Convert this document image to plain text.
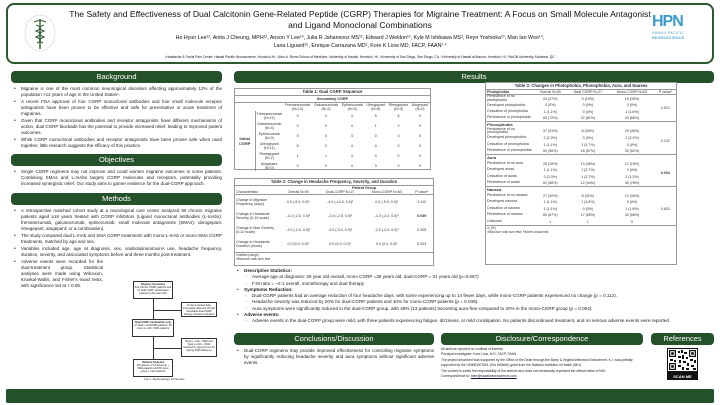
The Safety and Effectiveness of Dual Calcitonin Gene-Related Peptide (CGRP) Therapies for Migraine Treatment: A Focus on Small Molecule Antagonist and Ligand Monoclonal Combinations
Ho Hyun Lee¹², Anita J Cheung, MPH¹², Anson Y Lee¹³, Julia R Jahansooz MS¹², Edward J Weldon¹², Kyle M Ishikawa MS², Reyn Yoshioka¹³, Man Ian Woo¹⁴,
Lana Liguard¹⁵, Enrique Carrazana MD¹, Kore K Liow MD, FACP, FAAN¹ ²
¹Headache & Facial Pain Center, Hawaii Pacific Neuroscience, Honolulu HI, ²John A. Burns School of Medicine, University of Hawaii, Honolulu, HI, ³University of San Diego, San Diego, CA, ⁴University of Hawaii at Manoa, Honolulu, HI, ⁵McGill University, Montreal, QC
HPN
HAWAII PACIFIC
NEUROSCIENCE
Background
• Migraine is one of the most common neurological disorders affecting approximately 12% of the population >12 years of age in the United States¹.
• A recent FDA approval of four CGRP monoclonal antibodies and four small molecule receptor antagonists have been proven to be effective and safe for preventative or acute treatment of migraines.
• Given that CGRP monoclonal antibodies and receptor antagonists have different mechanisms of action, dual CGRP blockade has the potential to provide increased relief, leading to improved patient outcomes.
• While CGRP monoclonal antibodies and receptor antagonists have been proven safe when used together, little research suggests the efficacy of this practice.
Objectives
• Single CGRP regimens may not improve and could worsen migraine outcomes in some patients. Combining SMAs and L-mAbs targets CGRP molecules and receptors, potentially providing increased synergistic relief. Our study aims to garner evidence for the dual-CGRP approach.
Methods
• A retrospective matched cohort study at a neurological care center analyzed 90 chronic migraine patients aged ≥18 years treated with CGRP inhibitors (Ligand monoclonal antibodies (L-mAbs): fremanezumab, galcanezumab, eptinezumab; small molecule antagonists (SMAs): ubrogepant, rimegepant, atogepant; or a combination).
• The study compared dual L-mAb and SMA CGRP treatments with mono-L-mAb or mono-SMA CGRP treatments, matched by age and sex.
• Variables included age, age at diagnosis, sex, onabotulinumtoxinA use, headache frequency, duration, severity, and associated symptoms before and three months post-treatment.
• Adverse events were recorded for the dual-treatment group. Statistical analyses were made using Wilcoxon, Kruskal-Wallis, and Fisher's exact tests, with significance set at < 0.05.	Registry Screening
322 chronic CGRP patients and 47 dual CGRP combination patients (≥18 years old)
14 forms lacked data, incomplete data and 23 had unsuitable dual CGRP therapy duration excluded
Dual CGRP combination only
27 dual L-mAb/SMA patients; 63 mono L-mAb / SMA patients
Mono L-mAb / SMA and 'Dual L-mAb + SMA' matched by age and sex for Spring 2023 follow-up
Patients Analyzed
90 patients: 27 dual group + SMA patients and 63 mono group L-mAb patients
Fig 1. Methodology Schematic
Results
Table 1: Dual CGRP Sequence
Secondary CGRP
		Fremanezumab (N=13)	Galcanezumab (N=2)	Eptinezumab (N=0)	Ubrogepant (N=8)	Rimegepant (N=3)	Atogepant (N=0)
Initial CGRP	Fremanezumab (N=11)	0	0	0	5	6	0
	Galcanezumab (N=3)	0	0	0	1	2	0
	Eptinezumab (N=0)	0	0	0	0	0	0
	Ubrogepant (N=11)	8	2	0	0	0	0
	Rimegepant (N=2)	1	1	0	0	0	0
	Atogepant (N=0)	0	0	0	0	0	0
Table 2: Change in Headache Frequency, Severity, and Duration
		Patient Group		
Characteristic	Overall N=90	Dual-CGRP N=27	Mono-CGRP N=63	P value¹
Change in Migraine Frequency (days)	0.0 (-5.0, 0.0)¹	-4.0 (-14.0, 0.0)¹	0.0 (-5.0, 0.0)¹	0.112
Change in Headache Severity (0-10 scale)	-1.0 (-2.0, 0.0)¹	-2.0 (-2.5, 0.0)¹	-1.0 (-2.0, 0.0)¹	0.039
Change in Max Severity (0-10 scale)	-2.0 (-2.0, 0.0)¹	-2.0 (-3.0, 0.0)¹	-2.0 (-2.0, 0.0)¹	0.305
Change in Headache Duration (hours)	0.0 (0.0, 0.0)¹	0.0 (0.0, 0.0)¹	0.0 (0.0, 0.0)¹	0.423
¹median (range)
¹Wilcoxon rank sum test
Table 3: Changes in Photophobia, Phonophobia, Aura, and Nausea
Photophobia	Overall N=90	Dual CGRP N=27	Mono-CGRP N=63	P value¹
Persistence of no photophobia	24 (27%)	5 (19%)	19 (30%)	0.512
Developed photophobia	0 (0%)	0 (0%)	0 (0%)	
Cessation of photophobia	1 (1.1%)	0 (0%)	1 (1.6%)	
Persistence of photophobia	65 (72%)	22 (81%)	43 (68%)	
Phonophobia				
Persistence of no phonophobia	37 (41%)	8 (30%)	29 (46%)	0.147
Developed phonophobia	2 (2.2%)	0 (0%)	2 (3.2%)	
Cessation of phonophobia	1 (1.1%)	1 (3.7%)	0 (0%)	
Persistence of phonophobia	50 (56%)	18 (67%)	32 (51%)	
Aura				
Persistence of no aura	25 (28%)	13 (48%)	12 (19%)	0.004
Developed auras	1 (1.1%)	1 (3.7%)	0 (0%)	
Cessation of auras	3 (3.3%)	1 (3.7%)	2 (3.2%)	
Persistence of auras	61 (68%)	12 (44%)	49 (78%)	
Nausea				
Persistence of no nausea	27 (30%)	8 (31%)	19 (30%)	0.803
Developed nausea	1 (1.1%)	1 (3.8%)	0 (0%)	
Cessation of nausea	1 (1.1%)	0 (0%)	1 (1.6%)	
Persistence of nausea	60 (67%)	17 (65%)	43 (68%)	
Unknown	1	1	0	
¹n (%)
¹Wilcoxon rank sum test; Fisher's exact test
• Descriptive Statistics:
◦ Average age at diagnosis: 29 year old overall, mono CGRP =28 years old, dual-CGRP = 31 years old (p=0.667)
◦ F:M ratio = ~2:1 overall, monotherapy and dual therapy
• Symptoms Reduction:
◦ Dual-CGRP patients had an average reduction of four headache days, with some experiencing up to 14 fewer days, while mono-CGRP patients experienced no change (p = 0.112).
◦ Headache severity was reduced by 20% for dual-CGRP patients and 10% for mono-CGRP patients (p = 0.039).
◦ Aura symptoms were significantly reduced in the dual-CGRP group, with 48% (13 patients) becoming aura-free compared to 20% in the mono-CGRP group (p = 0.004).
• Adverse events:
◦ Adverse events in the dual-CGRP group were mild, with three patients experiencing fatigue, dizziness, or mild constipation. No patients discontinued treatment, and no serious adverse events were reported.
Conclusions/Discussion
• Dual-CGRP regimens may provide improved effectiveness for controlling migraine symptoms by significantly reducing headache severity and aura symptoms without significant adverse events.
Disclosure/Correspondence

All authors reported no conflicts of interest.
Principal Investigator: Kore Liow, M.D, FACP, FAAN

The project described was supported by the Office of the Dean through the Barry & Virginia Weinman Endowment. K.I. was partially supported by the U54MD007601 (Ola HAWAII) grant from the National Institutes of Health (NIH).

The content is solely the responsibility of the authors and does not necessarily represent the official views of NIH.
Correspondence to: hlee@hawaiineuroscience.com

References
SCAN ME
